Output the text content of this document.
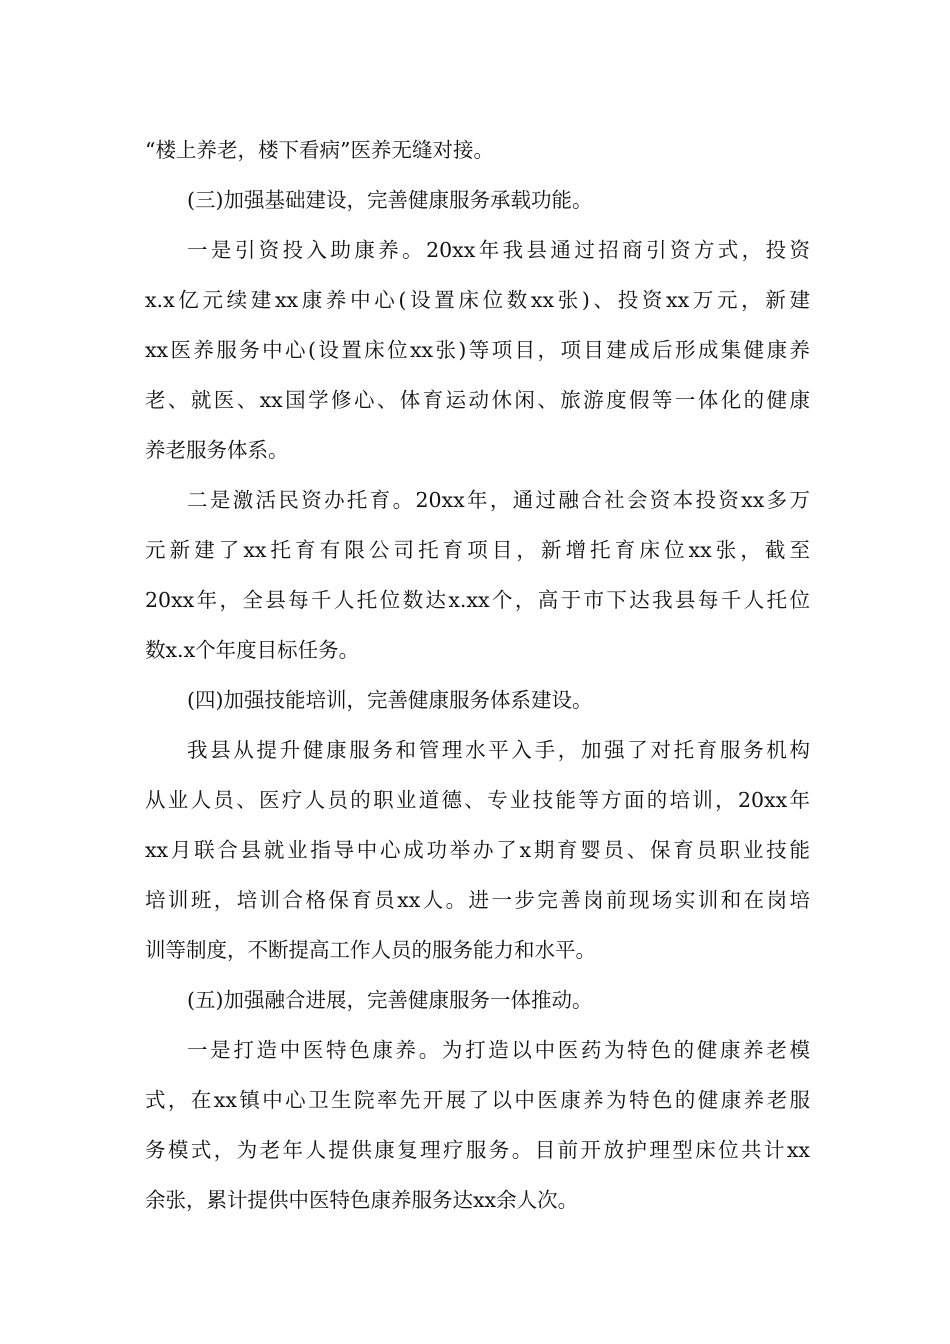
“楼上养老，楼下看病”医养无缝对接。
(三)加强基础建设，完善健康服务承载功能。
一是引资投入助康养。20xx年我县通过招商引资方式，投资
x.x亿元续建xx康养中心(设置床位数xx张)、投资xx万元，新建
xx医养服务中心(设置床位xx张)等项目，项目建成后形成集健康养
老、就医、xx国学修心、体育运动休闲、旅游度假等一体化的健康
养老服务体系。
二是激活民资办托育。20xx年，通过融合社会资本投资xx多万
元新建了xx托育有限公司托育项目，新增托育床位xx张，截至
20xx年，全县每千人托位数达x.xx个，高于市下达我县每千人托位
数x.x个年度目标任务。
(四)加强技能培训，完善健康服务体系建设。
我县从提升健康服务和管理水平入手，加强了对托育服务机构
从业人员、医疗人员的职业道德、专业技能等方面的培训，20xx年
xx月联合县就业指导中心成功举办了x期育婴员、保育员职业技能
培训班，培训合格保育员xx人。进一步完善岗前现场实训和在岗培
训等制度，不断提高工作人员的服务能力和水平。
(五)加强融合进展，完善健康服务一体推动。
一是打造中医特色康养。为打造以中医药为特色的健康养老模
式，在xx镇中心卫生院率先开展了以中医康养为特色的健康养老服
务模式，为老年人提供康复理疗服务。目前开放护理型床位共计xx
余张，累计提供中医特色康养服务达xx余人次。
